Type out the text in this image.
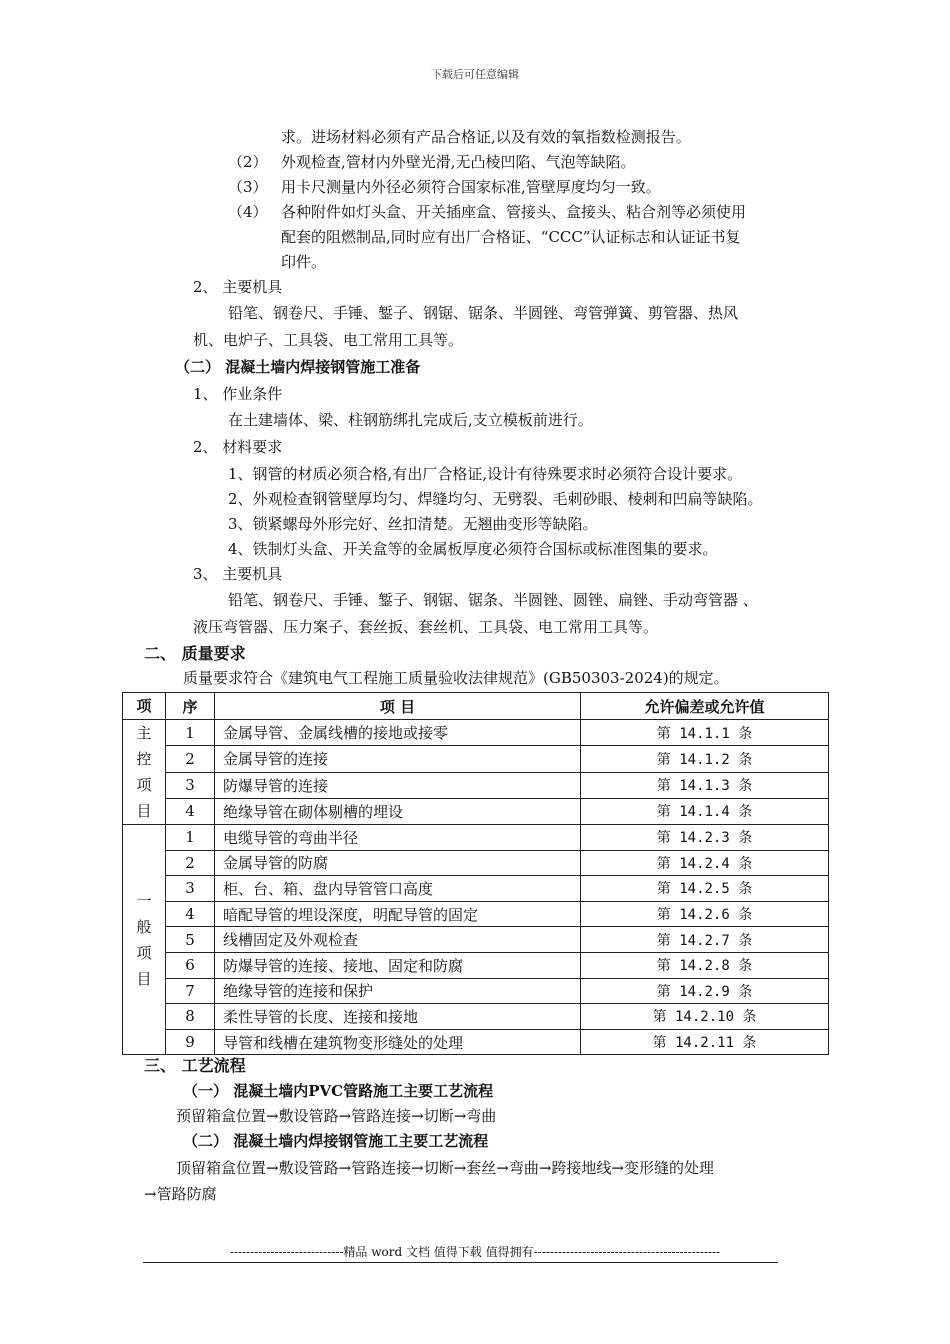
下载后可任意编辑
求。进场材料必须有产品合格证,以及有效的氧指数检测报告。
（2） 外观检查,管材内外壁光滑,无凸棱凹陷、气泡等缺陷。
（3） 用卡尺测量内外径必须符合国家标准,管壁厚度均匀一致。
（4） 各种附件如灯头盒、开关插座盒、管接头、盒接头、粘合剂等必须使用
配套的阻燃制品,同时应有出厂合格证、“CCC”认证标志和认证证书复
印件。
2、 主要机具
铅笔、钢卷尺、手锤、錾子、钢锯、锯条、半圆锉、弯管弹簧、剪管器、热风
机、电炉子、工具袋、电工常用工具等。
（二） 混凝土墙内焊接钢管施工准备
1、 作业条件
在土建墙体、梁、柱钢筋绑扎完成后,支立模板前进行。
2、 材料要求
1、钢管的材质必须合格,有出厂合格证,设计有待殊要求时必须符合设计要求。
2、外观检查钢管壁厚均匀、焊缝均匀、无劈裂、毛刺砂眼、棱刺和凹扁等缺陷。
3、锁紧螺母外形完好、丝扣清楚。无翘曲变形等缺陷。
4、铁制灯头盒、开关盒等的金属板厚度必须符合国标或标准图集的要求。
3、 主要机具
铅笔、钢卷尺、手锤、錾子、钢锯、锯条、半圆锉、圆锉、扁锉、手动弯管器 、
液压弯管器、压力案子、套丝扳、套丝机、工具袋、电工常用工具等。
二、 质量要求
质量要求符合《建筑电气工程施工质量验收法律规范》(GB50303-2024)的规定。
项	序	项 目	允许偏差或允许值
主控项目	1	金属导管、金属线槽的接地或接零	第 14.1.1 条
	2	金属导管的连接	第 14.1.2 条
	3	防爆导管的连接	第 14.1.3 条
	4	绝缘导管在砌体剔槽的埋设	第 14.1.4 条
一般项目	1	电缆导管的弯曲半径	第 14.2.3 条
	2	金属导管的防腐	第 14.2.4 条
	3	柜、台、箱、盘内导管管口高度	第 14.2.5 条
	4	暗配导管的埋设深度，明配导管的固定	第 14.2.6 条
	5	线槽固定及外观检查	第 14.2.7 条
	6	防爆导管的连接、接地、固定和防腐	第 14.2.8 条
	7	绝缘导管的连接和保护	第 14.2.9 条
	8	柔性导管的长度、连接和接地	第 14.2.10 条
	9	导管和线槽在建筑物变形缝处的处理	第 14.2.11 条
三、 工艺流程
（一） 混凝土墙内PVC管路施工主要工艺流程
预留箱盒位置→敷设管路→管路连接→切断→弯曲
（二） 混凝土墙内焊接钢管施工主要工艺流程
顶留箱盒位置→敷设管路→管路连接→切断→套丝→弯曲→跨接地线→变形缝的处理
→管路防腐
----------------------------精品 word 文档 值得下载 值得拥有----------------------------------------------
